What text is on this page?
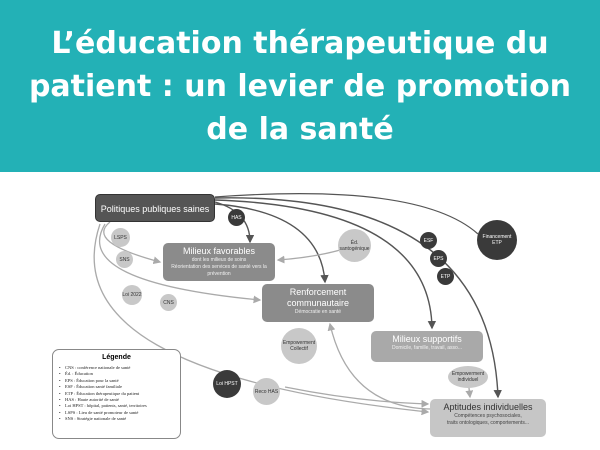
L’éducation thérapeutique du patient : un levier de promotion de la santé
Politiques publiques saines
Milieux favorables
dont les milieux de soins
Réorientation des services de santé vers la prévention
Renforcement communautaire
Démocratie en santé
Milieux supportifs
Domicile, famille, travail, asso...
Aptitudes individuelles
Compétences psychosociales,
traits ontologiques, comportements...
HAS
LSPS
SNS
Loi 2022
CNS
Éd. santogénique
ESF
EPS
ETP
Financement ETP
Empowerment Collectif
Empowerment individuel
Loi HPST
Reco HAS
Légende
• CNS : conférence nationale de santé
• Éd. : Éducation
• EPS : Éducation pour la santé
• ESF : Éducation santé familiale
• ETP : Éducation thérapeutique du patient
• HAS : Haute autorité de santé
• Loi HPST : hôpital, patients, santé, territoires
• LSPS : Lieu de santé promoteur de santé
• SNS : Stratégie nationale de santé
